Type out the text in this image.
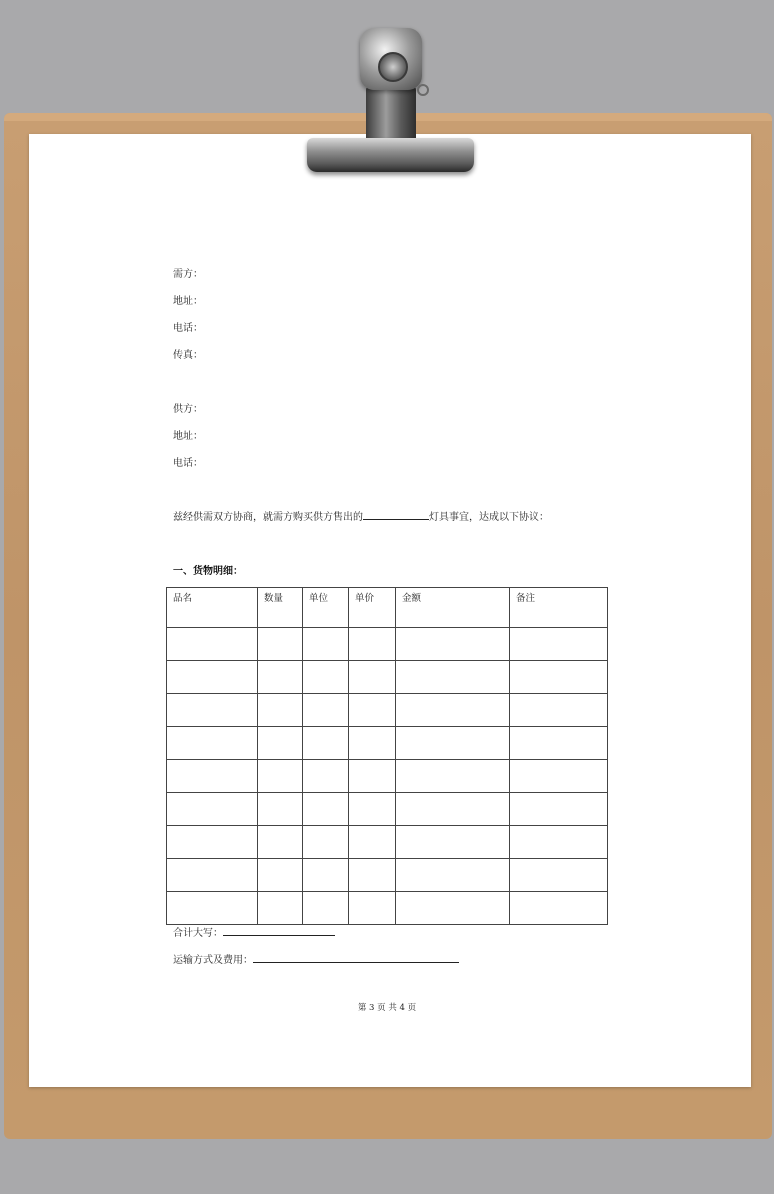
需方：
地址：
电话：
传真：
供方：
地址：
电话：
兹经供需双方协商，就需方购买供方售出的	灯具事宜，达成以下协议：
一、货物明细：
品名	数量	单位	单价	金额	备注

合计大写：
运输方式及费用：
第 3 页 共 4 页
